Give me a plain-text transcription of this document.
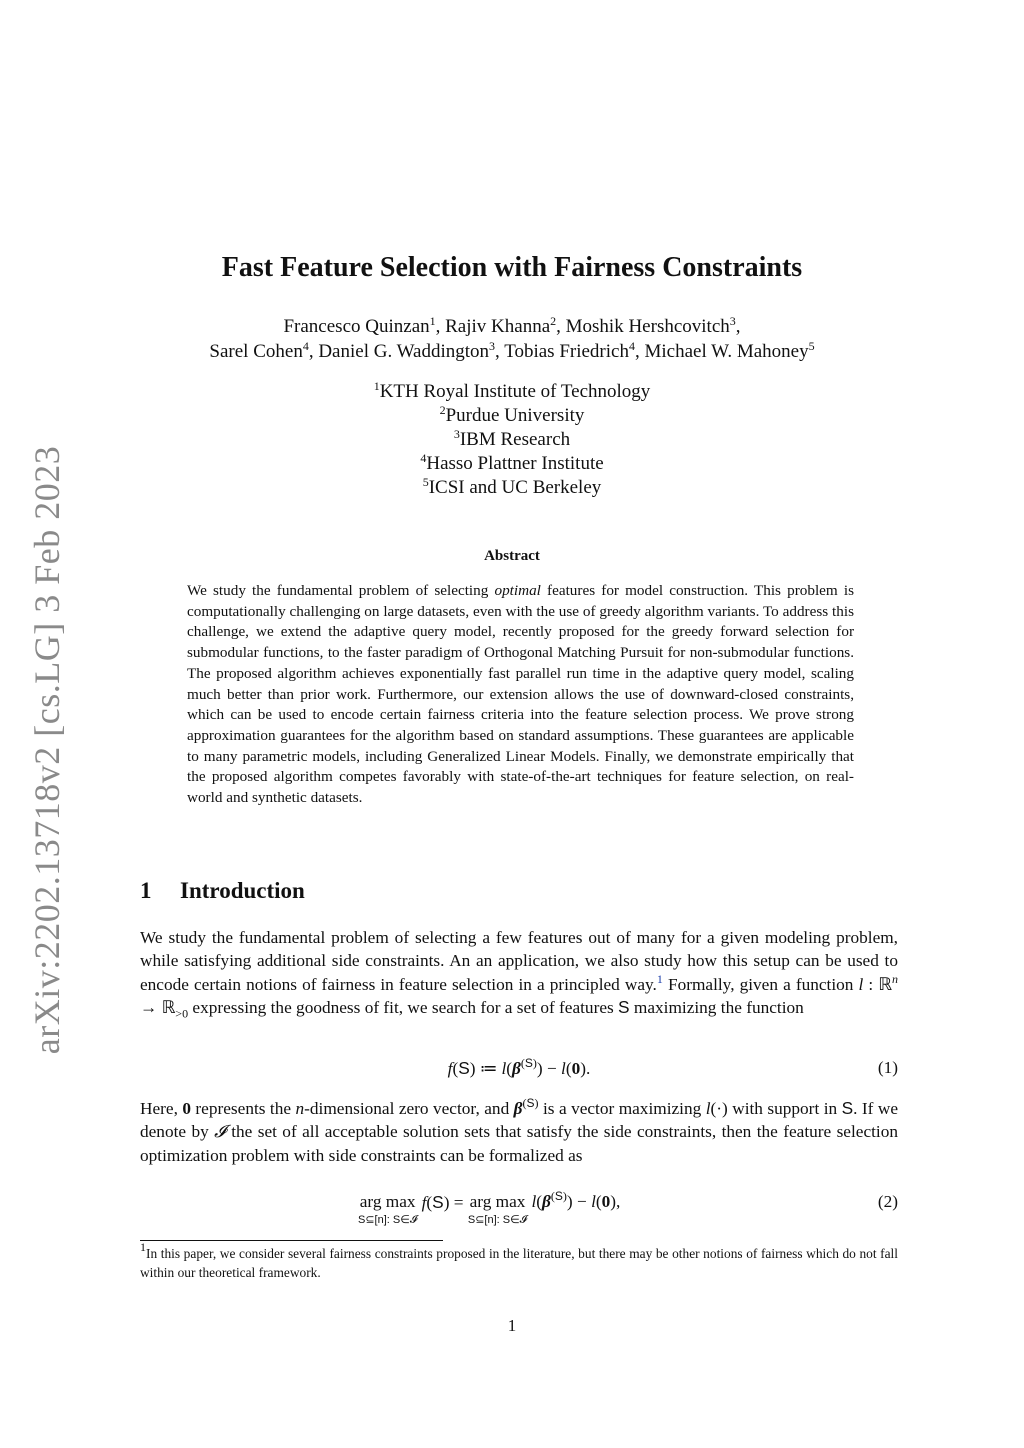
arXiv:2202.13718v2 [cs.LG] 3 Feb 2023
Fast Feature Selection with Fairness Constraints
Francesco Quinzan$^1$, Rajiv Khanna$^2$, Moshik Hershcovitch$^3$,
Sarel Cohen$^4$, Daniel G. Waddington$^3$, Tobias Friedrich$^4$, Michael W. Mahoney$^5$
$^1$KTH Royal Institute of Technology
$^2$Purdue University
$^3$IBM Research
$^4$Hasso Plattner Institute
$^5$ICSI and UC Berkeley
Abstract
We study the fundamental problem of selecting optimal features for model construction. This problem is computationally challenging on large datasets, even with the use of greedy algorithm variants. To address this challenge, we extend the adaptive query model, recently proposed for the greedy forward selection for submodular functions, to the faster paradigm of Orthogonal Matching Pursuit for non-submodular functions. The proposed algorithm achieves exponentially fast parallel run time in the adaptive query model, scaling much better than prior work. Furthermore, our extension allows the use of downward-closed constraints, which can be used to encode certain fairness criteria into the feature selection process. We prove strong approximation guarantees for the algorithm based on standard assumptions. These guarantees are applicable to many parametric models, including Generalized Linear Models. Finally, we demonstrate empirically that the proposed algorithm competes favorably with state-of-the-art techniques for feature selection, on real-world and synthetic datasets.
1 Introduction
We study the fundamental problem of selecting a few features out of many for a given modeling problem, while satisfying additional side constraints. An an application, we also study how this setup can be used to encode certain notions of fairness in feature selection in a principled way.$^1$ Formally, given a function l : ℝ$^n$ → ℝ$_{>0}$ expressing the goodness of fit, we search for a set of features S maximizing the function
f(S) ≔ $l(\beta^{(S)}) - l(0)$.	(1)
Here, 0 represents the n-dimensional zero vector, and $\beta^{(S)}$ is a vector maximizing l(·) with support in S. If we denote by 𝓘 the set of all acceptable solution sets that satisfy the side constraints, then the feature selection optimization problem with side constraints can be formalized as
arg max
S⊆[n]: S∈𝓘
f(S) = arg max
S⊆[n]: S∈𝓘
$l(\beta^{(S)}) - l(0)$,	(2)
$^1$In this paper, we consider several fairness constraints proposed in the literature, but there may be other notions of fairness which do not fall within our theoretical framework.
1
